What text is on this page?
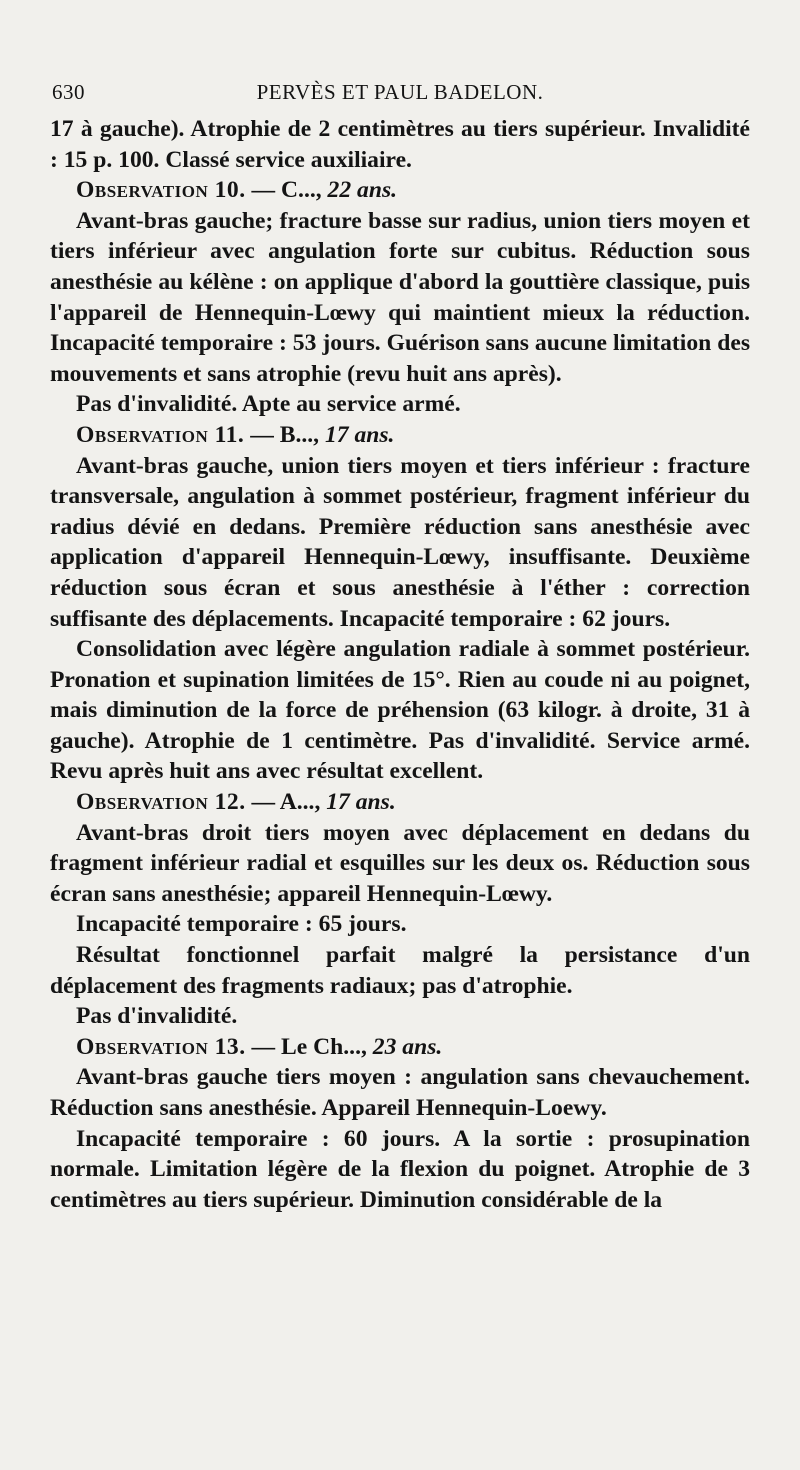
630	PERVÈS ET PAUL BADELON.

17 à gauche). Atrophie de 2 centimètres au tiers supérieur. Invalidité : 15 p. 100. Classé service auxiliaire.

Observation 10. — C..., 22 ans.

Avant-bras gauche; fracture basse sur radius, union tiers moyen et tiers inférieur avec angulation forte sur cubitus. Réduction sous anesthésie au kélène : on applique d'abord la gouttière classique, puis l'appareil de Hennequin-Lœwy qui maintient mieux la réduction. Incapacité temporaire : 53 jours. Guérison sans aucune limitation des mouvements et sans atrophie (revu huit ans après).

Pas d'invalidité. Apte au service armé.

Observation 11. — B..., 17 ans.

Avant-bras gauche, union tiers moyen et tiers inférieur : fracture transversale, angulation à sommet postérieur, fragment inférieur du radius dévié en dedans. Première réduction sans anesthésie avec application d'appareil Hennequin-Lœwy, insuffisante. Deuxième réduction sous écran et sous anesthésie à l'éther : correction suffisante des déplacements. Incapacité temporaire : 62 jours.

Consolidation avec légère angulation radiale à sommet postérieur. Pronation et supination limitées de 15°. Rien au coude ni au poignet, mais diminution de la force de préhension (63 kilogr. à droite, 31 à gauche). Atrophie de 1 centimètre. Pas d'invalidité. Service armé. Revu après huit ans avec résultat excellent.

Observation 12. — A..., 17 ans.

Avant-bras droit tiers moyen avec déplacement en dedans du fragment inférieur radial et esquilles sur les deux os. Réduction sous écran sans anesthésie; appareil Hennequin-Lœwy.

Incapacité temporaire : 65 jours.

Résultat fonctionnel parfait malgré la persistance d'un déplacement des fragments radiaux; pas d'atrophie.

Pas d'invalidité.

Observation 13. — Le Ch..., 23 ans.

Avant-bras gauche tiers moyen : angulation sans chevauchement. Réduction sans anesthésie. Appareil Hennequin-Loewy.

Incapacité temporaire : 60 jours. A la sortie : prosupination normale. Limitation légère de la flexion du poignet. Atrophie de 3 centimètres au tiers supérieur. Diminution considérable de la
